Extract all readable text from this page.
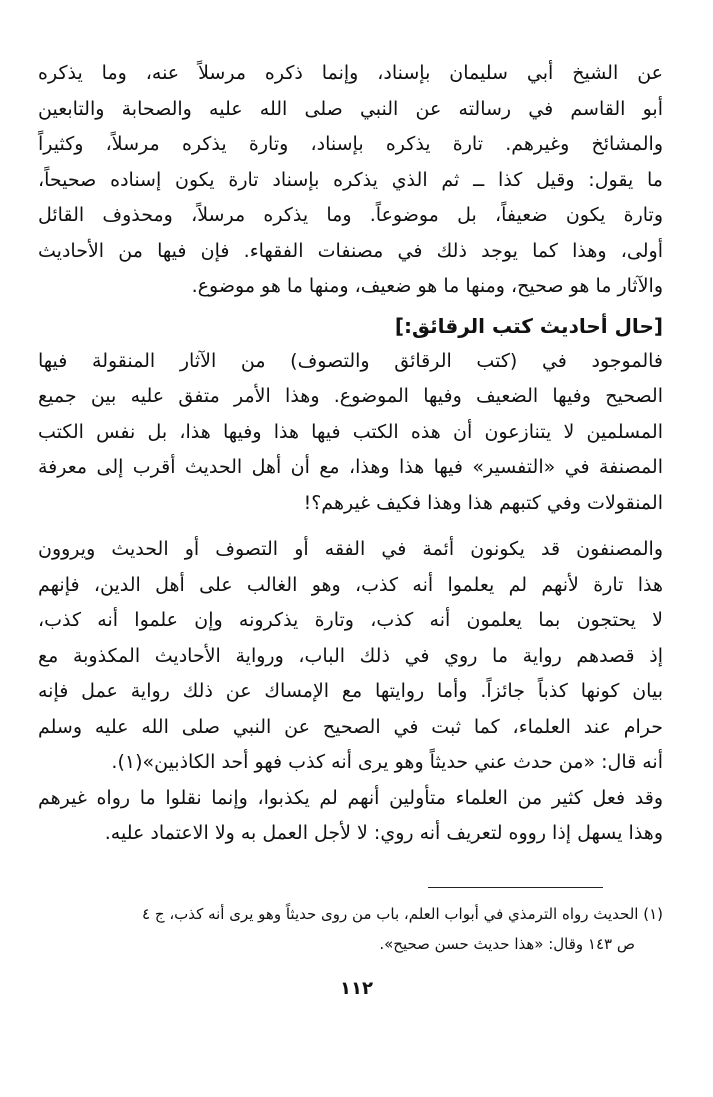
عن الشيخ أبي سليمان بإسناد، وإنما ذكره مرسلاً عنه، وما يذكره
أبو القاسم في رسالته عن النبي صلى الله عليه والصحابة والتابعين
والمشائخ وغيرهم. تارة يذكره بإسناد، وتارة يذكره مرسلاً، وكثيراً
ما يقول: وقيل كذا ــ ثم الذي يذكره بإسناد تارة يكون إسناده صحيحاً،
وتارة يكون ضعيفاً، بل موضوعاً. وما يذكره مرسلاً، ومحذوف القائل
أولى، وهذا كما يوجد ذلك في مصنفات الفقهاء. فإن فيها من الأحاديث
والآثار ما هو صحيح، ومنها ما هو ضعيف، ومنها ما هو موضوع.
[حال أحاديث كتب الرقائق:]
فالموجود في (كتب الرقائق والتصوف) من الآثار المنقولة فيها
الصحيح وفيها الضعيف وفيها الموضوع. وهذا الأمر متفق عليه بين جميع
المسلمين لا يتنازعون أن هذه الكتب فيها هذا وفيها هذا، بل نفس الكتب
المصنفة في «التفسير» فيها هذا وهذا، مع أن أهل الحديث أقرب إلى معرفة
المنقولات وفي كتبهم هذا وهذا فكيف غيرهم؟!
والمصنفون قد يكونون أئمة في الفقه أو التصوف أو الحديث ويروون
هذا تارة لأنهم لم يعلموا أنه كذب، وهو الغالب على أهل الدين، فإنهم
لا يحتجون بما يعلمون أنه كذب، وتارة يذكرونه وإن علموا أنه كذب،
إذ قصدهم رواية ما روي في ذلك الباب، ورواية الأحاديث المكذوبة مع
بيان كونها كذباً جائزاً. وأما روايتها مع الإمساك عن ذلك رواية عمل فإنه
حرام عند العلماء، كما ثبت في الصحيح عن النبي صلى الله عليه وسلم
أنه قال: «من حدث عني حديثاً وهو يرى أنه كذب فهو أحد الكاذبين»(١).
وقد فعل كثير من العلماء متأولين أنهم لم يكذبوا، وإنما نقلوا ما رواه غيرهم
وهذا يسهل إذا رووه لتعريف أنه روي: لا لأجل العمل به ولا الاعتماد عليه.
(١) الحديث رواه الترمذي في أبواب العلم، باب من روى حديثاً وهو يرى أنه كذب، ج ٤
ص ١٤٣ وقال: «هذا حديث حسن صحيح».
١١٢
